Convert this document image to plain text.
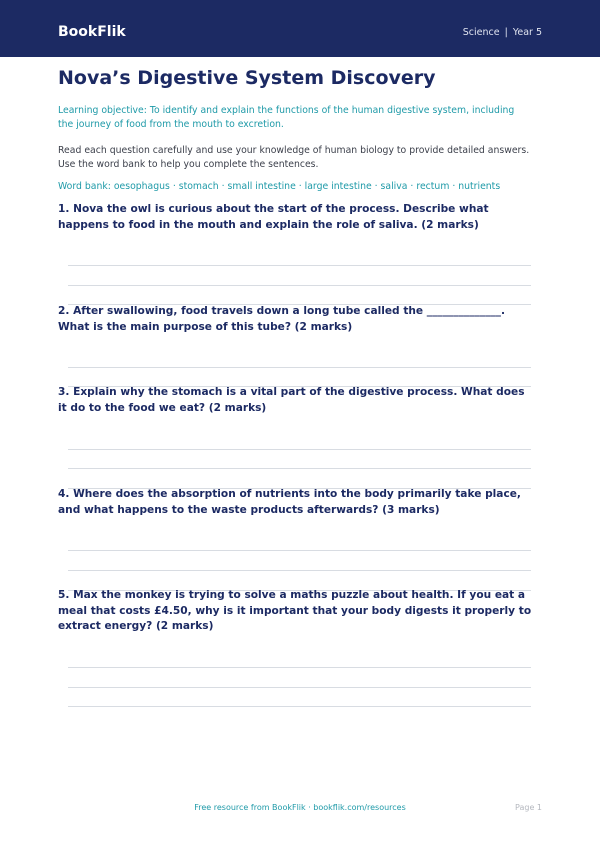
BookFlik	Science | Year 5
Nova’s Digestive System Discovery

Learning objective: To identify and explain the functions of the human digestive system, including the journey of food from the mouth to excretion.

Read each question carefully and use your knowledge of human biology to provide detailed answers. Use the word bank to help you complete the sentences.

Word bank: oesophagus · stomach · small intestine · large intestine · saliva · rectum · nutrients

1. Nova the owl is curious about the start of the process. Describe what happens to food in the mouth and explain the role of saliva. (2 marks)
2. After swallowing, food travels down a long tube called the ______________. What is the main purpose of this tube? (2 marks)
3. Explain why the stomach is a vital part of the digestive process. What does it do to the food we eat? (2 marks)
4. Where does the absorption of nutrients into the body primarily take place, and what happens to the waste products afterwards? (3 marks)
5. Max the monkey is trying to solve a maths puzzle about health. If you eat a meal that costs £4.50, why is it important that your body digests it properly to extract energy? (2 marks)
Free resource from BookFlik · bookflik.com/resources	Page 1
